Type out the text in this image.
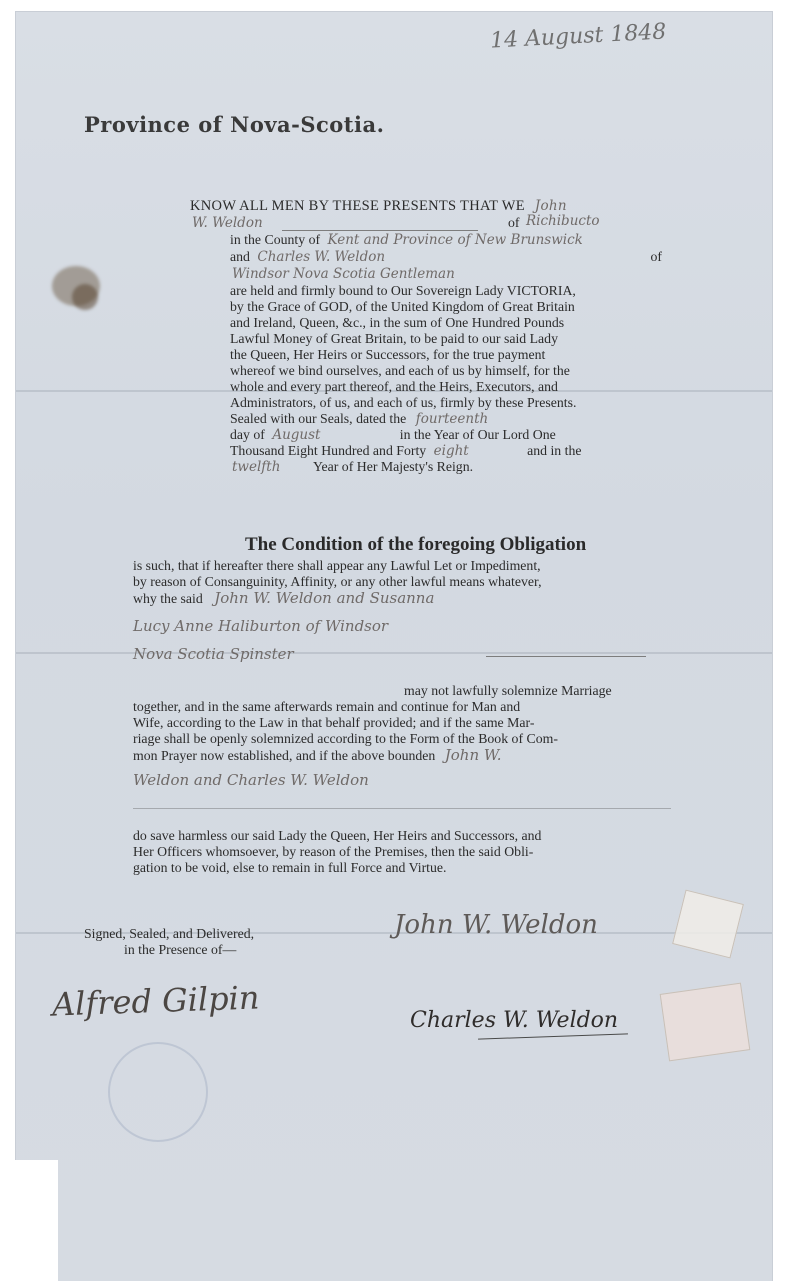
14 August 1848
Province of Nova-Scotia.
KNOW ALL MEN BY THESE PRESENTS THAT WE John
W. Weldon	of Richibucto
in the County of Kent and Province of New Brunswick
and Charles W. Weldon	of
Windsor Nova Scotia Gentleman
are held and firmly bound to Our Sovereign Lady VICTORIA,
by the Grace of GOD, of the United Kingdom of Great Britain
and Ireland, Queen, &c., in the sum of One Hundred Pounds
Lawful Money of Great Britain, to be paid to our said Lady
the Queen, Her Heirs or Successors, for the true payment
whereof we bind ourselves, and each of us by himself, for the
whole and every part thereof, and the Heirs, Executors, and
Administrators, of us, and each of us, firmly by these Presents.
Sealed with our Seals, dated the fourteenth
day of August	in the Year of Our Lord One
Thousand Eight Hundred and Forty eight	and in the
twelfth Year of Her Majesty's Reign.
The Condition of the foregoing Obligation
is such, that if hereafter there shall appear any Lawful Let or Impediment,
by reason of Consanguinity, Affinity, or any other lawful means whatever,
why the said John W. Weldon and Susanna
Lucy Anne Haliburton of Windsor
Nova Scotia Spinster
may not lawfully solemnize Marriage
together, and in the same afterwards remain and continue for Man and
Wife, according to the Law in that behalf provided; and if the same Mar-
riage shall be openly solemnized according to the Form of the Book of Com-
mon Prayer now established, and if the above bounden John W.
Weldon and Charles W. Weldon
do save harmless our said Lady the Queen, Her Heirs and Successors, and
Her Officers whomsoever, by reason of the Premises, then the said Obli-
gation to be void, else to remain in full Force and Virtue.
Signed, Sealed, and Delivered,
in the Presence of—
John W. Weldon
Alfred Gilpin	Charles W. Weldon
